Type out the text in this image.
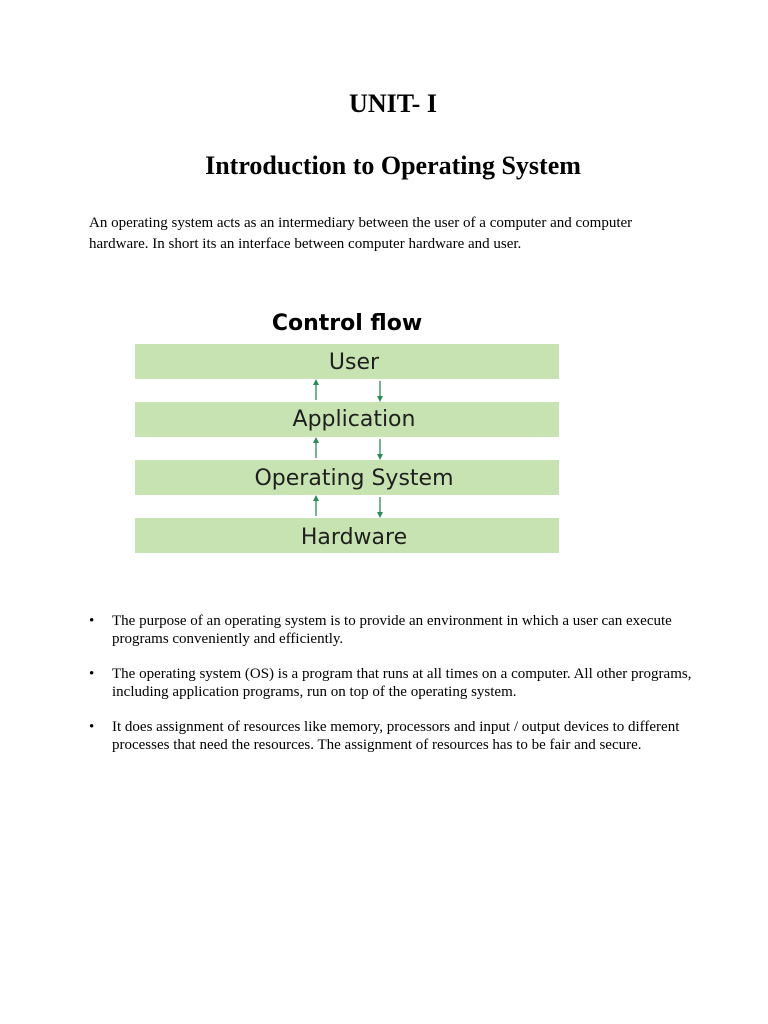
UNIT- I
Introduction to Operating System
An operating system acts as an intermediary between the user of a computer and computer hardware. In short its an interface between computer hardware and user.
Control flow
User
Application
Operating System
Hardware
• The purpose of an operating system is to provide an environment in which a user can execute programs conveniently and efficiently.
• The operating system (OS) is a program that runs at all times on a computer. All other programs, including application programs, run on top of the operating system.
• It does assignment of resources like memory, processors and input / output devices to different processes that need the resources. The assignment of resources has to be fair and secure.
